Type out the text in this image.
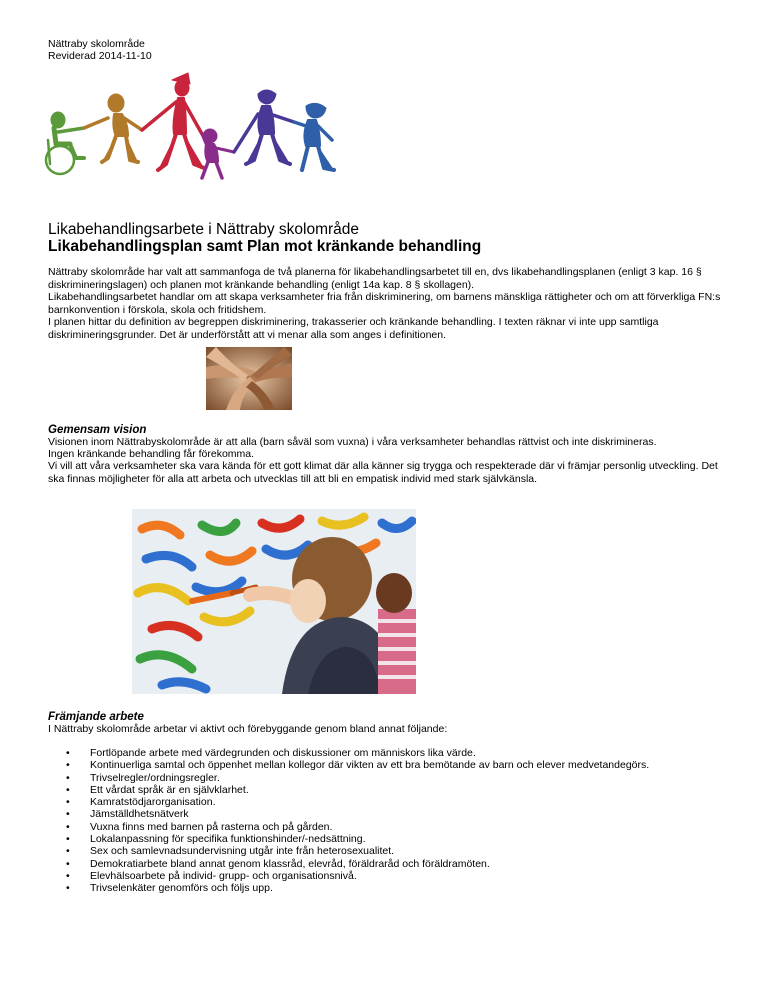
Nättraby skolområde
Reviderad 2014-11-10
Likabehandlingsarbete i Nättraby skolområde
Likabehandlingsplan samt Plan mot kränkande behandling

Nättraby skolområde har valt att sammanfoga de två planerna för likabehandlingsarbetet till en, dvs likabehandlingsplanen (enligt 3 kap. 16 § diskrimineringslagen) och planen mot kränkande behandling (enligt 14a kap. 8 § skollagen).

Likabehandlingsarbetet handlar om att skapa verksamheter fria från diskriminering, om barnens mänskliga rättigheter och om att förverkliga FN:s barnkonvention i förskola, skola och fritidshem.

I planen hittar du definition av begreppen diskriminering, trakasserier och kränkande behandling. I texten räknar vi inte upp samtliga diskrimineringsgrunder. Det är underförstått att vi menar alla som anges i definitionen.

Gemensam vision

Visionen inom Nättrabyskolområde är att alla (barn såväl som vuxna) i våra verksamheter behandlas rättvist och inte diskrimineras.

Ingen kränkande behandling får förekomma.

Vi vill att våra verksamheter ska vara kända för ett gott klimat där alla känner sig trygga och respekterade där vi främjar personlig utveckling. Det ska finnas möjligheter för alla att arbeta och utvecklas till att bli en empatisk individ med stark självkänsla.

Främjande arbete

I Nättraby skolområde arbetar vi aktivt och förebyggande genom bland annat följande:

• Fortlöpande arbete med värdegrunden och diskussioner om människors lika värde.
• Kontinuerliga samtal och öppenhet mellan kollegor där vikten av ett bra bemötande av barn och elever medvetandegörs.
• Trivselregler/ordningsregler.
• Ett vårdat språk är en självklarhet.
• Kamratstödjarorganisation.
• Jämställdhetsnätverk
• Vuxna finns med barnen på rasterna och på gården.
• Lokalanpassning för specifika funktionshinder/-nedsättning.
• Sex och samlevnadsundervisning utgår inte från heterosexualitet.
• Demokratiarbete bland annat genom klassråd, elevråd, föräldraråd och föräldramöten.
• Elevhälsoarbete på individ- grupp- och organisationsnivå.
• Trivselenkäter genomförs och följs upp.
